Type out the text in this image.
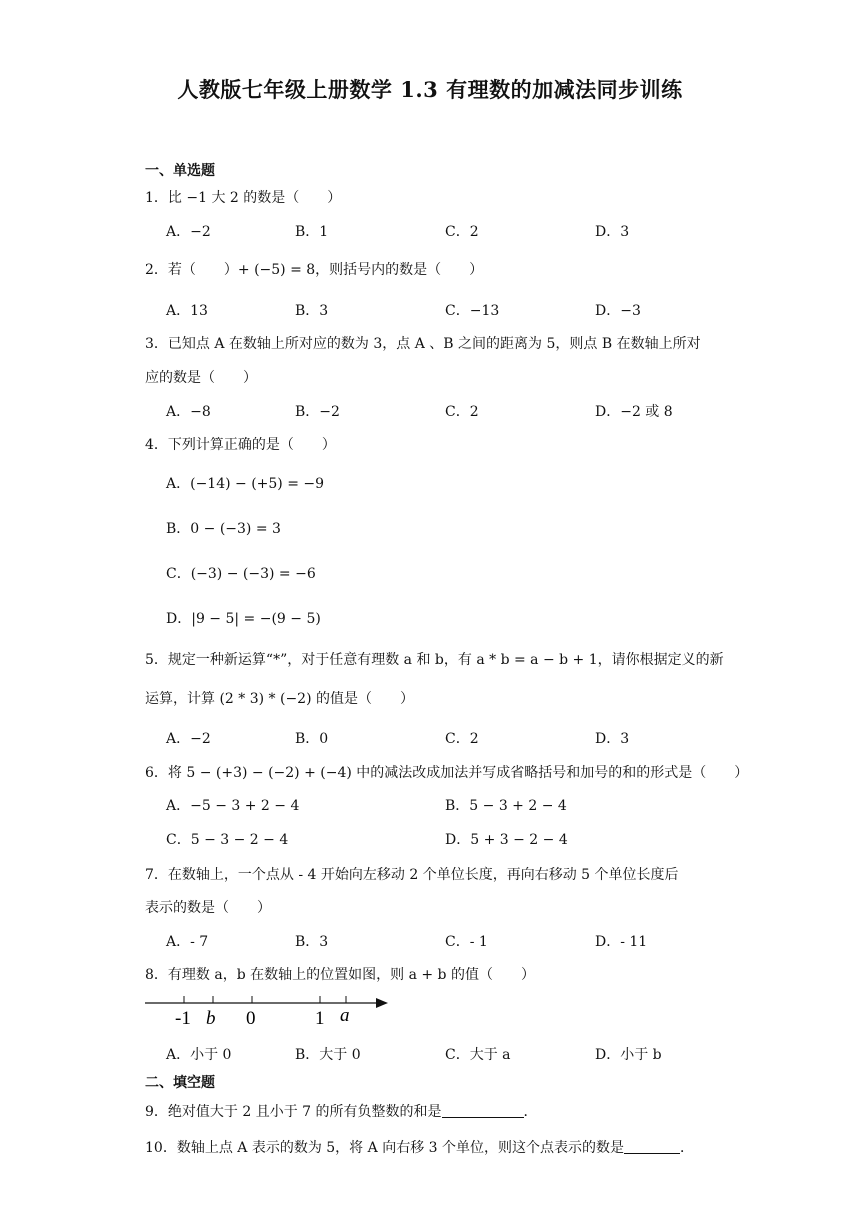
人教版七年级上册数学 1.3 有理数的加减法同步训练
一、单选题
1．比 −1 大 2 的数是（　　）
A．−2	B．1	C．2	D．3
2．若（　　）+ (−5) = 8，则括号内的数是（　　）
A．13	B．3	C．−13	D．−3
3．已知点 A 在数轴上所对应的数为 3，点 A 、B 之间的距离为 5，则点 B 在数轴上所对
应的数是（　　）
A．−8	B．−2	C．2	D．−2 或 8
4．下列计算正确的是（　　）
A．(−14) − (+5) = −9
B．0 − (−3) = 3
C．(−3) − (−3) = −6
D．|9 − 5| = −(9 − 5)
5．规定一种新运算“*”，对于任意有理数 a 和 b，有 a * b = a − b + 1，请你根据定义的新
运算，计算 (2 * 3) * (−2) 的值是（　　）
A．−2	B．0	C．2	D．3
6．将 5 − (+3) − (−2) + (−4) 中的减法改成加法并写成省略括号和加号的和的形式是（　　）
A．−5 − 3 + 2 − 4	B．5 − 3 + 2 − 4
C．5 − 3 − 2 − 4	D．5 + 3 − 2 − 4
7．在数轴上，一个点从 - 4 开始向左移动 2 个单位长度，再向右移动 5 个单位长度后
表示的数是（　　）
A．- 7	B．3	C．- 1	D．- 11
8．有理数 a，b 在数轴上的位置如图，则 a + b 的值（　　）
-1 b 0	1 a
A．小于 0	B．大于 0	C．大于 a	D．小于 b
二、填空题
9．绝对值大于 2 且小于 7 的所有负整数的和是	．
10．数轴上点 A 表示的数为 5，将 A 向右移 3 个单位，则这个点表示的数是	．
